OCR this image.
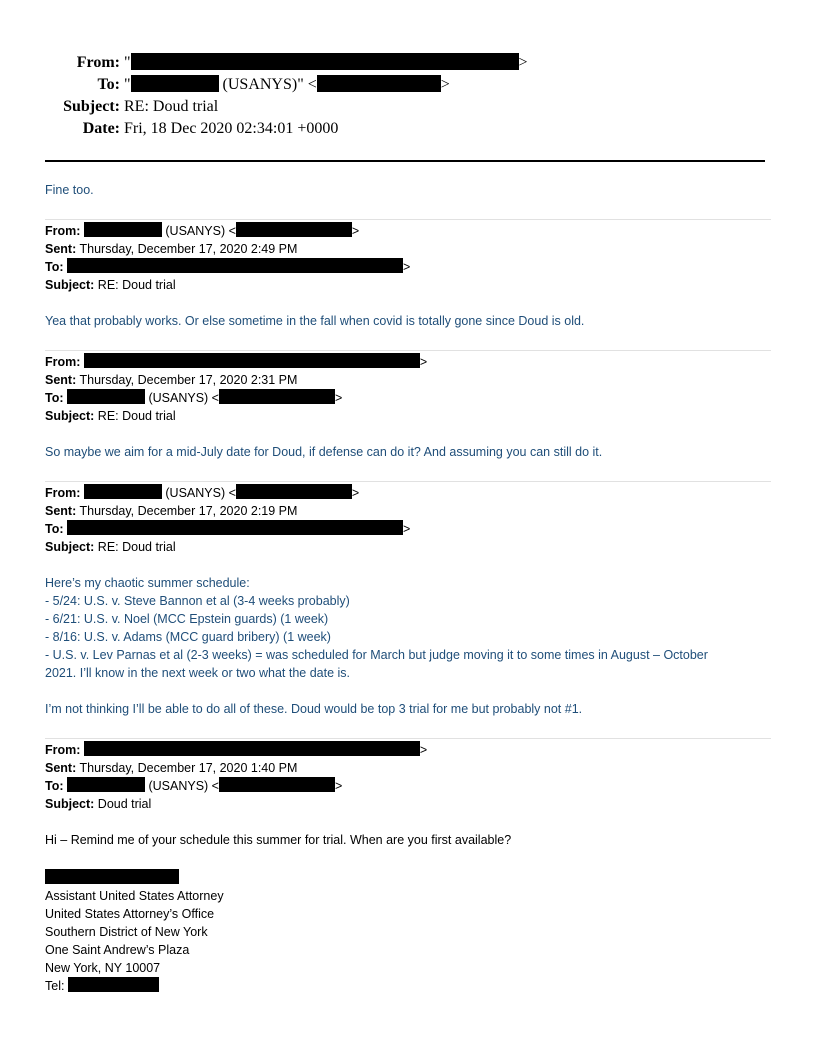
From: "	>
To: "	(USANYS)" <	>
Subject: RE: Doud trial
Date: Fri, 18 Dec 2020 02:34:01 +0000
Fine too.
From:	(USANYS) <	>
Sent: Thursday, December 17, 2020 2:49 PM
To:	>
Subject: RE: Doud trial
Yea that probably works. Or else sometime in the fall when covid is totally gone since Doud is old.
From:	>
Sent: Thursday, December 17, 2020 2:31 PM
To:	(USANYS) <	>
Subject: RE: Doud trial
So maybe we aim for a mid-July date for Doud, if defense can do it? And assuming you can still do it.
From:	(USANYS) <	>
Sent: Thursday, December 17, 2020 2:19 PM
To:	>
Subject: RE: Doud trial
Here’s my chaotic summer schedule:
- 5/24: U.S. v. Steve Bannon et al (3-4 weeks probably)
- 6/21: U.S. v. Noel (MCC Epstein guards) (1 week)
- 8/16: U.S. v. Adams (MCC guard bribery) (1 week)
- U.S. v. Lev Parnas et al (2-3 weeks) = was scheduled for March but judge moving it to some times in August – October
2021. I’ll know in the next week or two what the date is.
I’m not thinking I’ll be able to do all of these. Doud would be top 3 trial for me but probably not #1.
From:	>
Sent: Thursday, December 17, 2020 1:40 PM
To:	(USANYS) <	>
Subject: Doud trial
Hi – Remind me of your schedule this summer for trial. When are you first available?
Assistant United States Attorney
United States Attorney’s Office
Southern District of New York
One Saint Andrew’s Plaza
New York, NY 10007
Tel:
